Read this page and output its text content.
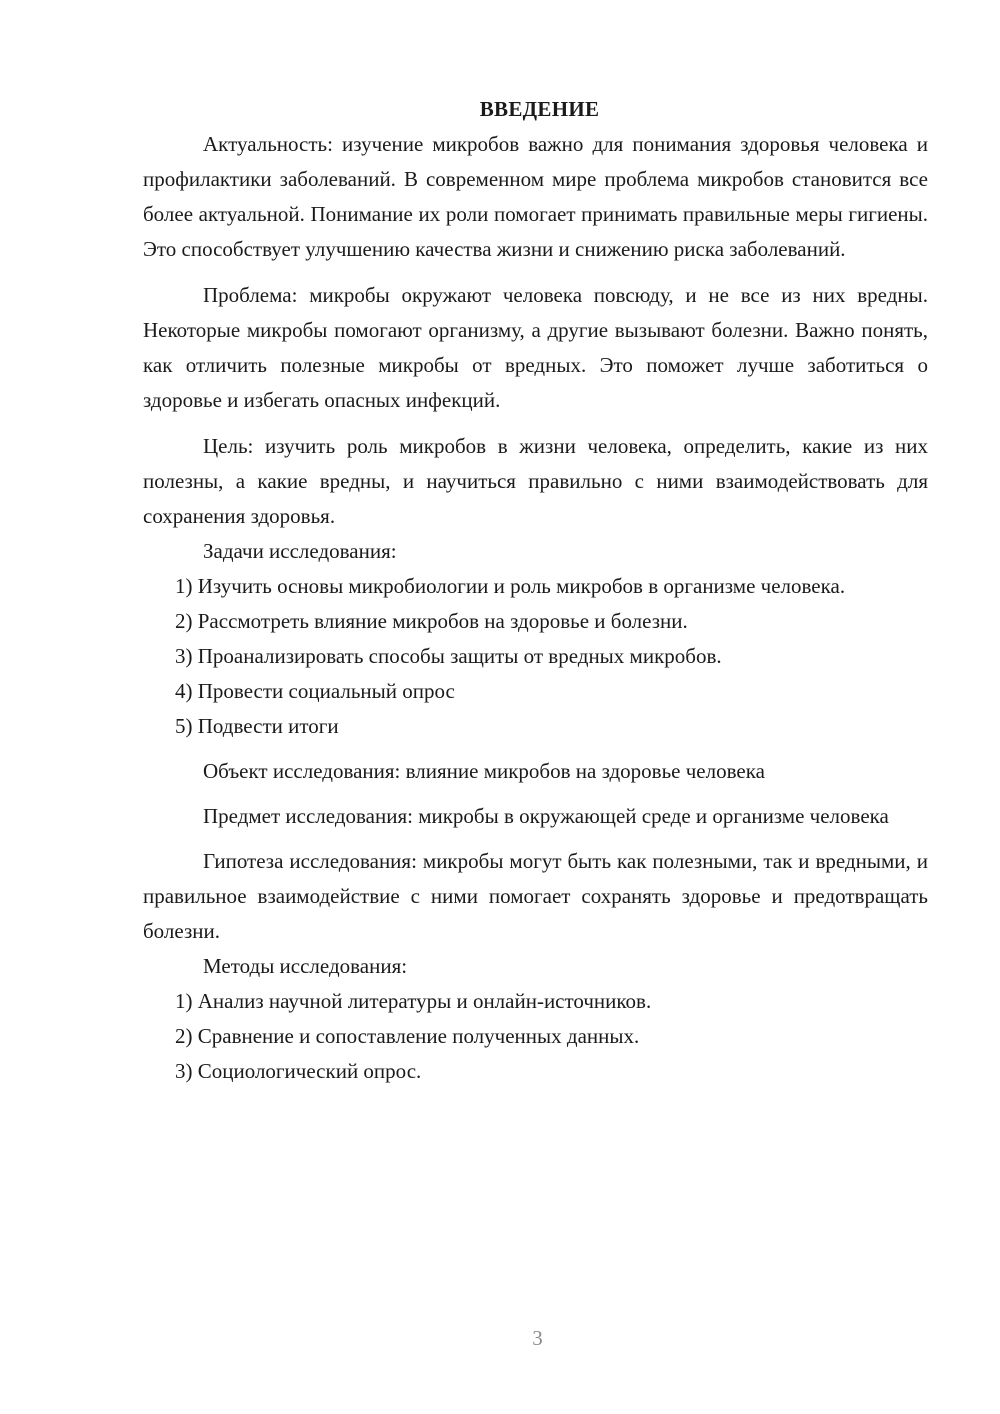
ВВЕДЕНИЕ

Актуальность: изучение микробов важно для понимания здоровья человека и профилактики заболеваний. В современном мире проблема микробов становится все более актуальной. Понимание их роли помогает принимать правильные меры гигиены. Это способствует улучшению качества жизни и снижению риска заболеваний.

Проблема: микробы окружают человека повсюду, и не все из них вредны. Некоторые микробы помогают организму, а другие вызывают болезни. Важно понять, как отличить полезные микробы от вредных. Это поможет лучше заботиться о здоровье и избегать опасных инфекций.

Цель: изучить роль микробов в жизни человека, определить, какие из них полезны, а какие вредны, и научиться правильно с ними взаимодействовать для сохранения здоровья.

Задачи исследования:

1) Изучить основы микробиологии и роль микробов в организме человека.

2) Рассмотреть влияние микробов на здоровье и болезни.

3) Проанализировать способы защиты от вредных микробов.

4) Провести социальный опрос

5) Подвести итоги

Объект исследования: влияние микробов на здоровье человека

Предмет исследования: микробы в окружающей среде и организме человека

Гипотеза исследования: микробы могут быть как полезными, так и вредными, и правильное взаимодействие с ними помогает сохранять здоровье и предотвращать болезни.

Методы исследования:

1) Анализ научной литературы и онлайн-источников.

2) Сравнение и сопоставление полученных данных.

3) Социологический опрос.

3
